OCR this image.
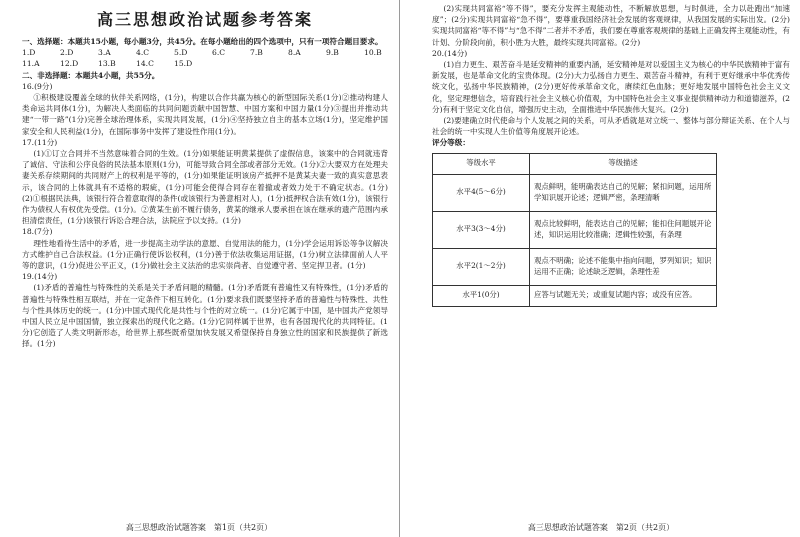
高三思想政治试题参考答案

一、选择题：本题共15小题，每小题3分，共45分。在每小题给出的四个选项中，只有一项符合题目要求。

1.D	2.D	3.A	4.C	5.D	6.C	7.B	8.A	9.B	10.B

11.A	12.D	13.B	14.C	15.D

二、非选择题：本题共4小题，共55分。

16.(9分)

①积极建设覆盖全球的伙伴关系网络，(1分)，构建以合作共赢为核心的新型国际关系(1分)②推动构建人类命运共同体(1分)，为解决人类面临的共同问题贡献中国智慧、中国方案和中国力量(1分)③提出并推动共建“一带一路”(1分)完善全球治理体系，实现共同发展，(1分)④坚持独立自主的基本立场(1分)，坚定维护国家安全和人民利益(1分)，在国际事务中发挥了建设性作用(1分)。

17.(11分)

(1)①订立合同并不当然意味着合同的生效。(1分)如果能证明黄某提供了虚假信息，该案中的合同就违背了诚信、守法和公序良俗的民法基本原则(1分)，可能导致合同全部或者部分无效。(1分)②大要双方在处理夫妻关系存续期间的共同财产上的权利是平等的，(1分)如果能证明该房产抵押不是黄某夫妻一致的真实意思表示，该合同的上体就具有不适格的瑕疵，(1分)可能会使得合同存在着撤或者效力处于不确定状态。(1分)(2)①根据民法典，该银行符合着意取得的条件(或该银行为善意相对人)，(1分)抵押权合法有效(1分)，该银行作为债权人有权优先受偿。(1分)。②黄某生前不履行债务，黄某的继承人要承担在该在继承的遗产范围内承担清偿责任，(1分)该银行诉讼合理合法，法院应予以支持。(1分)

18.(7分)

理性地看待生活中的矛盾，进一步提高主动学法的意愿、自觉用法的能力，(1分)学会运用诉讼等争议解决方式维护自己合法权益。(1分)正确行使诉讼权利，(1分)善于依法收集运用证据，(1分)树立法律面前人人平等的意识，(1分)促进公平正义，(1分)做社会主义法治的忠实崇尚者、自觉遵守者、坚定捍卫者。(1分)

19.(14分)

(1)矛盾的普遍性与特殊性的关系是关于矛盾问题的精髓。(1分)矛盾既有普遍性又有特殊性，(1分)矛盾的普遍性与特殊性相互联结，并在一定条件下相互转化。(1分)要求我们既要坚持矛盾的普遍性与特殊性、共性与个性具体历史的统一。(1分)中国式现代化是共性与个性的对立统一。(1分)它属于中国，是中国共产党领导中国人民立足中国国情，独立探索出的现代化之路。(1分)它同样属于世界，也有各国现代化的共同特征。(1分)它创造了人类文明新形态，给世界上那些既希望加快发展又希望保持自身独立性的国家和民族提供了新选择。(1分)

高三思想政治试题答案　第1页（共2页）

(2)实现共同富裕“等不得”，要充分发挥主观能动性，不断解放思想，与时俱进，全力以赴跑出“加速度”；(2分)实现共同富裕“急不得”，要尊重我国经济社会发展的客观规律，从我国发展的实际出发。(2分)实现共同富裕“等不得”与“急不得”二者并不矛盾，我们要在尊重客观规律的基础上正确发挥主观能动性，有计划、分阶段向前，积小胜为大胜，最终实现共同富裕。(2分)

20.(14分)

(1)自力更生、艰苦奋斗是延安精神的重要内涵，延安精神是对以爱国主义为核心的中华民族精神于富有新发展，也是革命文化的宝贵体现。(2分)大力弘扬自力更生、艰苦奋斗精神，有利于更好继承中华优秀传统文化，弘扬中华民族精神，(2分)更好传承革命文化，赓续红色血脉；更好地发展中国特色社会主义文化，坚定理想信念，培育践行社会主义核心价值观，为中国特色社会主义事业提供精神动力和道德滋养，(2分)有利于坚定文化自信，增强历史主动，全面推进中华民族伟大复兴。(2分)

(2)要建确立时代使命与个人发展之间的关系，可从矛盾就是对立统一、整体与部分辩证关系、在个人与社会的统一中实现人生价值等角度展开论述。

评分等级：

等级水平	等级描述
水平4(5～6分)	观点鲜明，能明确表达自己的见解；紧扣问题，运用所学知识展开论述；逻辑严密，条理清晰
水平3(3～4分)	观点比较鲜明，能表达自己的见解；能扣住问题展开论述，知识运用比较准确；逻辑性较强，有条理
水平2(1～2分)	观点不明确；论述不能集中指向问题，罗列知识；知识运用不正确；论述缺乏逻辑，条理性差
水平1(0分)	应答与试题无关；或重复试题内容；或没有应答。
高三思想政治试题答案　第2页（共2页）
